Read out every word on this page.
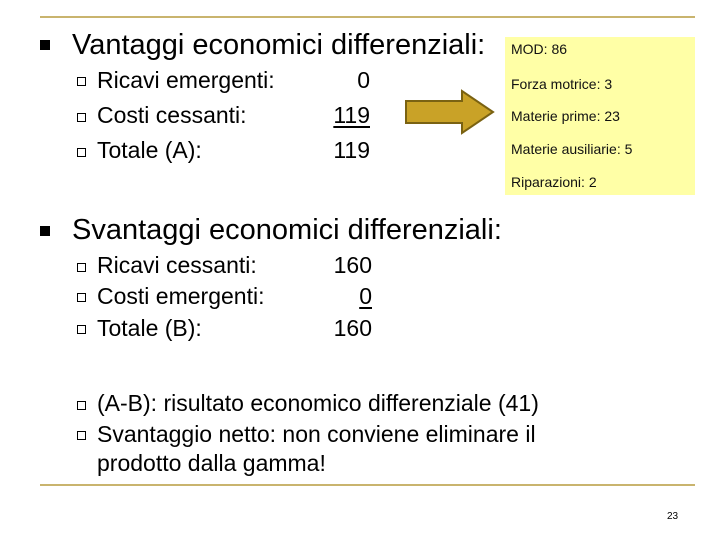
Vantaggi economici differenziali:
Ricavi emergenti:	0
Costi cessanti:	119
Totale (A):	119
MOD: 86
Forza motrice: 3
Materie prime: 23
Materie ausiliarie: 5
Riparazioni: 2
Svantaggi economici differenziali:
Ricavi cessanti:	160
Costi emergenti:	0
Totale (B):	160
(A-B): risultato economico differenziale (41)
Svantaggio netto: non conviene eliminare il
prodotto dalla gamma!
23
